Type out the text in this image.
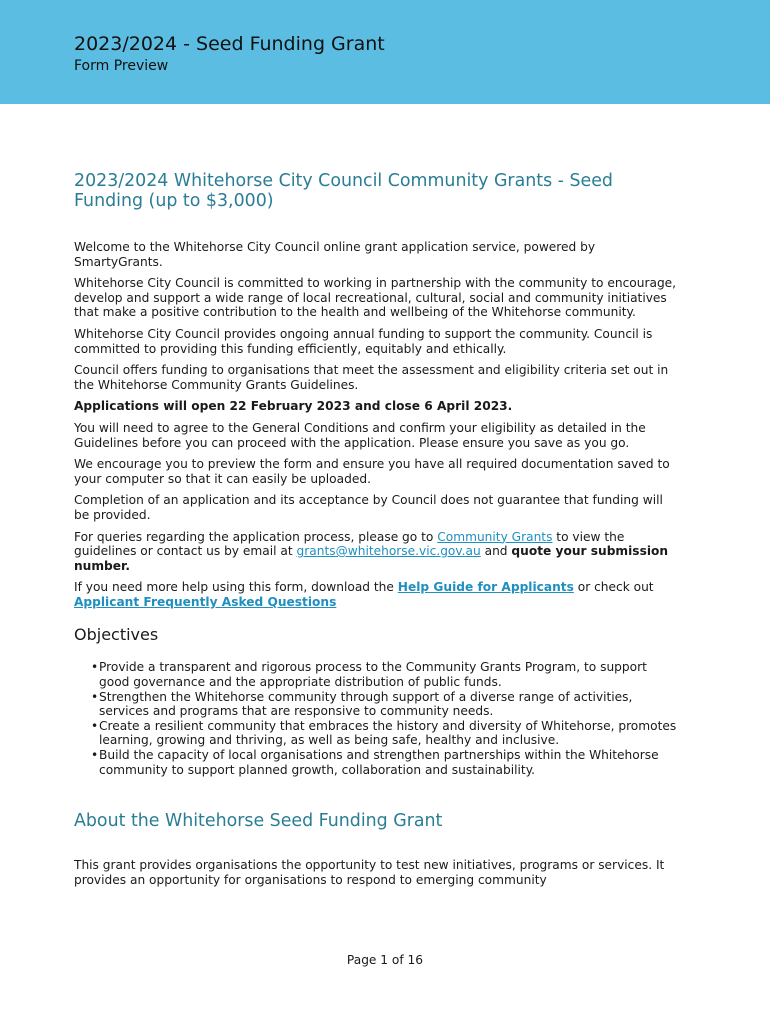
2023/2024 - Seed Funding Grant
Form Preview
2023/2024 Whitehorse City Council Community Grants - Seed Funding (up to $3,000)

Welcome to the Whitehorse City Council online grant application service, powered by SmartyGrants.

Whitehorse City Council is committed to working in partnership with the community to encourage, develop and support a wide range of local recreational, cultural, social and community initiatives that make a positive contribution to the health and wellbeing of the Whitehorse community.

Whitehorse City Council provides ongoing annual funding to support the community. Council is committed to providing this funding efficiently, equitably and ethically.

Council offers funding to organisations that meet the assessment and eligibility criteria set out in the Whitehorse Community Grants Guidelines.

Applications will open 22 February 2023 and close 6 April 2023.

You will need to agree to the General Conditions and confirm your eligibility as detailed in the Guidelines before you can proceed with the application. Please ensure you save as you go.

We encourage you to preview the form and ensure you have all required documentation saved to your computer so that it can easily be uploaded.

Completion of an application and its acceptance by Council does not guarantee that funding will be provided.

For queries regarding the application process, please go to Community Grants to view the guidelines or contact us by email at grants@whitehorse.vic.gov.au and quote your submission number.

If you need more help using this form, download the Help Guide for Applicants or check out Applicant Frequently Asked Questions

Objectives
• Provide a transparent and rigorous process to the Community Grants Program, to support good governance and the appropriate distribution of public funds.
• Strengthen the Whitehorse community through support of a diverse range of activities, services and programs that are responsive to community needs.
• Create a resilient community that embraces the history and diversity of Whitehorse, promotes learning, growing and thriving, as well as being safe, healthy and inclusive.
• Build the capacity of local organisations and strengthen partnerships within the Whitehorse community to support planned growth, collaboration and sustainability.
About the Whitehorse Seed Funding Grant

This grant provides organisations the opportunity to test new initiatives, programs or services. It provides an opportunity for organisations to respond to emerging community

Page 1 of 16
